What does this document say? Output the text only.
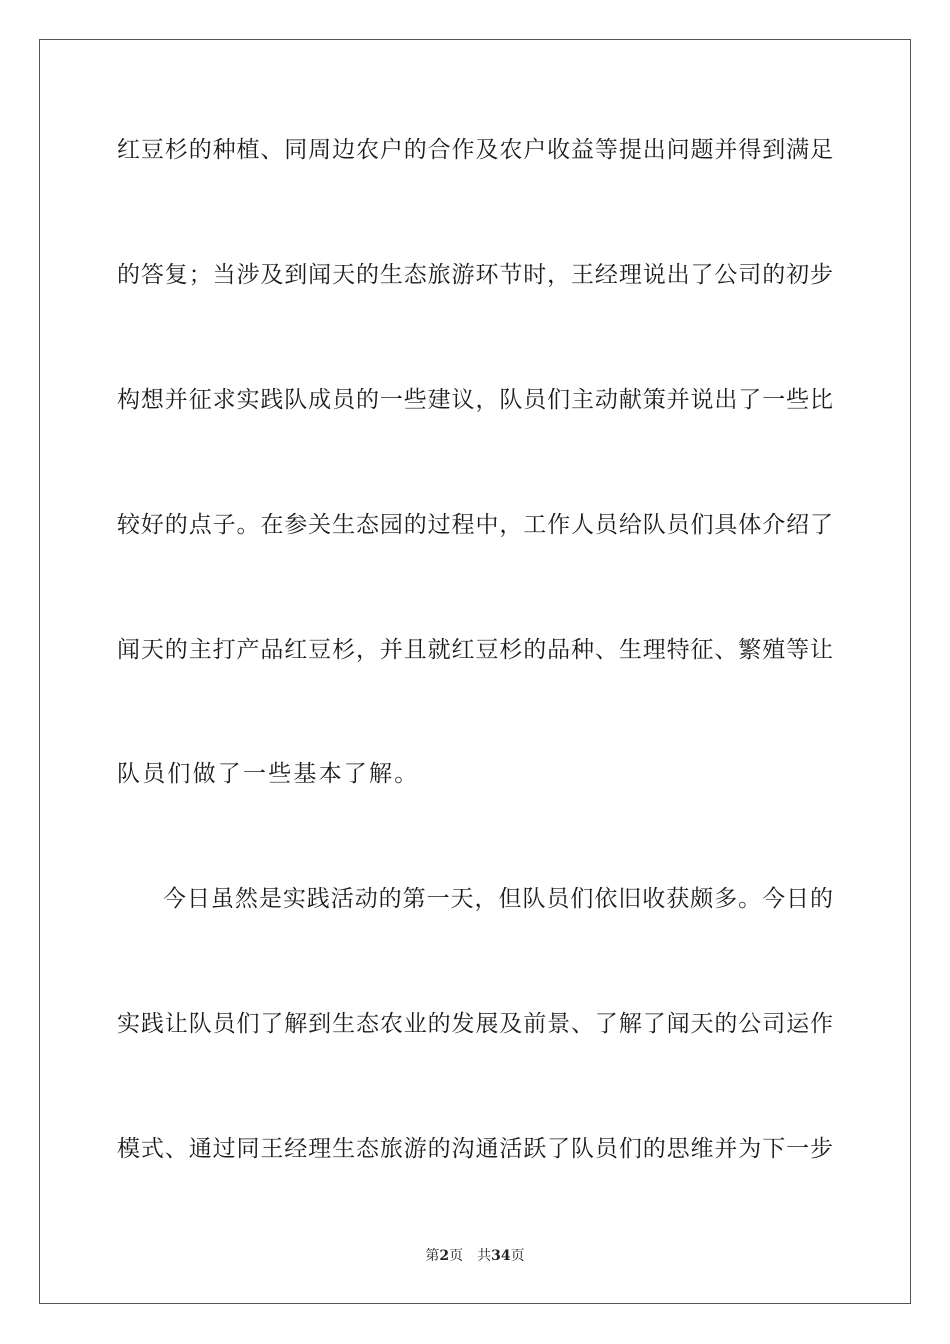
红豆杉的种植、同周边农户的合作及农户收益等提出问题并得到满足
的答复；当涉及到闻天的生态旅游环节时，王经理说出了公司的初步
构想并征求实践队成员的一些建议，队员们主动献策并说出了一些比
较好的点子。在参关生态园的过程中，工作人员给队员们具体介绍了
闻天的主打产品红豆杉，并且就红豆杉的品种、生理特征、繁殖等让
队员们做了一些基本了解。
今日虽然是实践活动的第一天，但队员们依旧收获颇多。今日的
实践让队员们了解到生态农业的发展及前景、了解了闻天的公司运作
模式、通过同王经理生态旅游的沟通活跃了队员们的思维并为下一步
第2页 共34页
